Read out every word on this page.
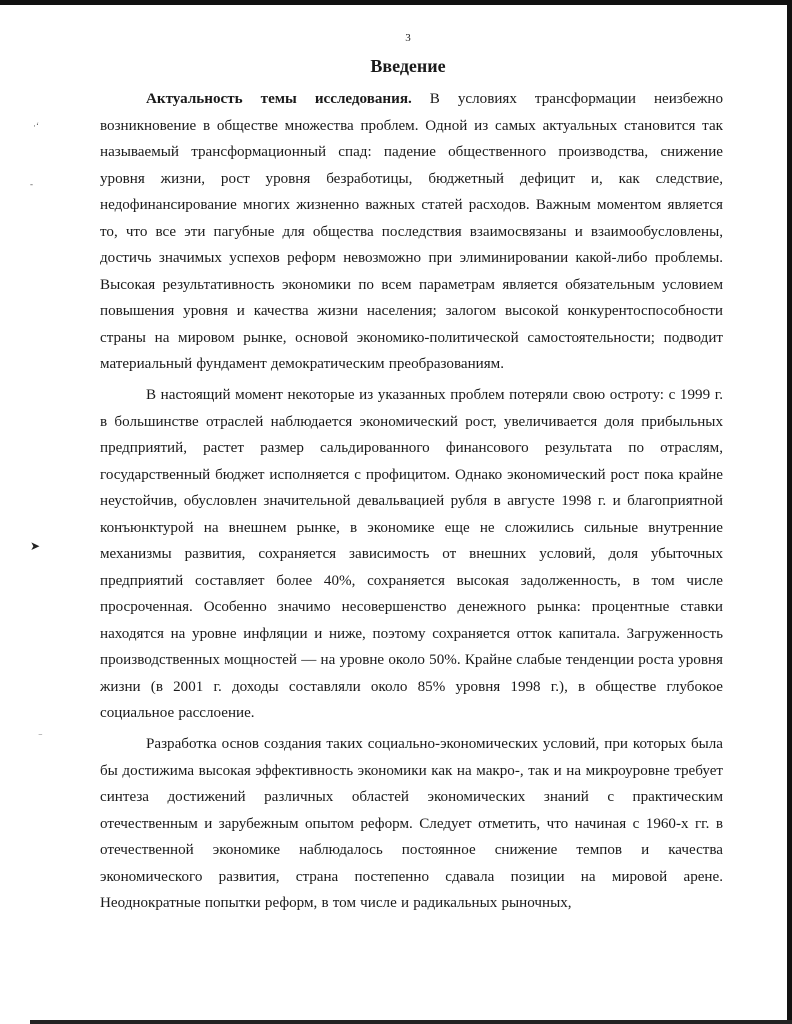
·ʻ
-
➤
⁻
3
Введение

Актуальность темы исследования. В условиях трансформации неизбежно возникновение в обществе множества проблем. Одной из самых актуальных становится так называемый трансформационный спад: падение общественного производства, снижение уровня жизни, рост уровня безработицы, бюджетный дефицит и, как следствие, недофинансирование многих жизненно важных статей расходов. Важным моментом является то, что все эти пагубные для общества последствия взаимосвязаны и взаимообусловлены, достичь значимых успехов реформ невозможно при элиминировании какой-либо проблемы. Высокая результативность экономики по всем параметрам является обязательным условием повышения уровня и качества жизни населения; залогом высокой конкурентоспособности страны на мировом рынке, основой экономико-политической самостоятельности; подводит материальный фундамент демократическим преобразованиям.

В настоящий момент некоторые из указанных проблем потеряли свою остроту: с 1999 г. в большинстве отраслей наблюдается экономический рост, увеличивается доля прибыльных предприятий, растет размер сальдированного финансового результата по отраслям, государственный бюджет исполняется с профицитом. Однако экономический рост пока крайне неустойчив, обусловлен значительной девальвацией рубля в августе 1998 г. и благоприятной конъюнктурой на внешнем рынке, в экономике еще не сложились сильные внутренние механизмы развития, сохраняется зависимость от внешних условий, доля убыточных предприятий составляет более 40%, сохраняется высокая задолженность, в том числе просроченная. Особенно значимо несовершенство денежного рынка: процентные ставки находятся на уровне инфляции и ниже, поэтому сохраняется отток капитала. Загруженность производственных мощностей — на уровне около 50%. Крайне слабые тенденции роста уровня жизни (в 2001 г. доходы составляли около 85% уровня 1998 г.), в обществе глубокое социальное расслоение.

Разработка основ создания таких социально-экономических условий, при которых была бы достижима высокая эффективность экономики как на макро-, так и на микроуровне требует синтеза достижений различных областей экономических знаний с практическим отечественным и зарубежным опытом реформ. Следует отметить, что начиная с 1960-х гг. в отечественной экономике наблюдалось постоянное снижение темпов и качества экономического развития, страна постепенно сдавала позиции на мировой арене. Неоднократные попытки реформ, в том числе и радикальных рыночных,
